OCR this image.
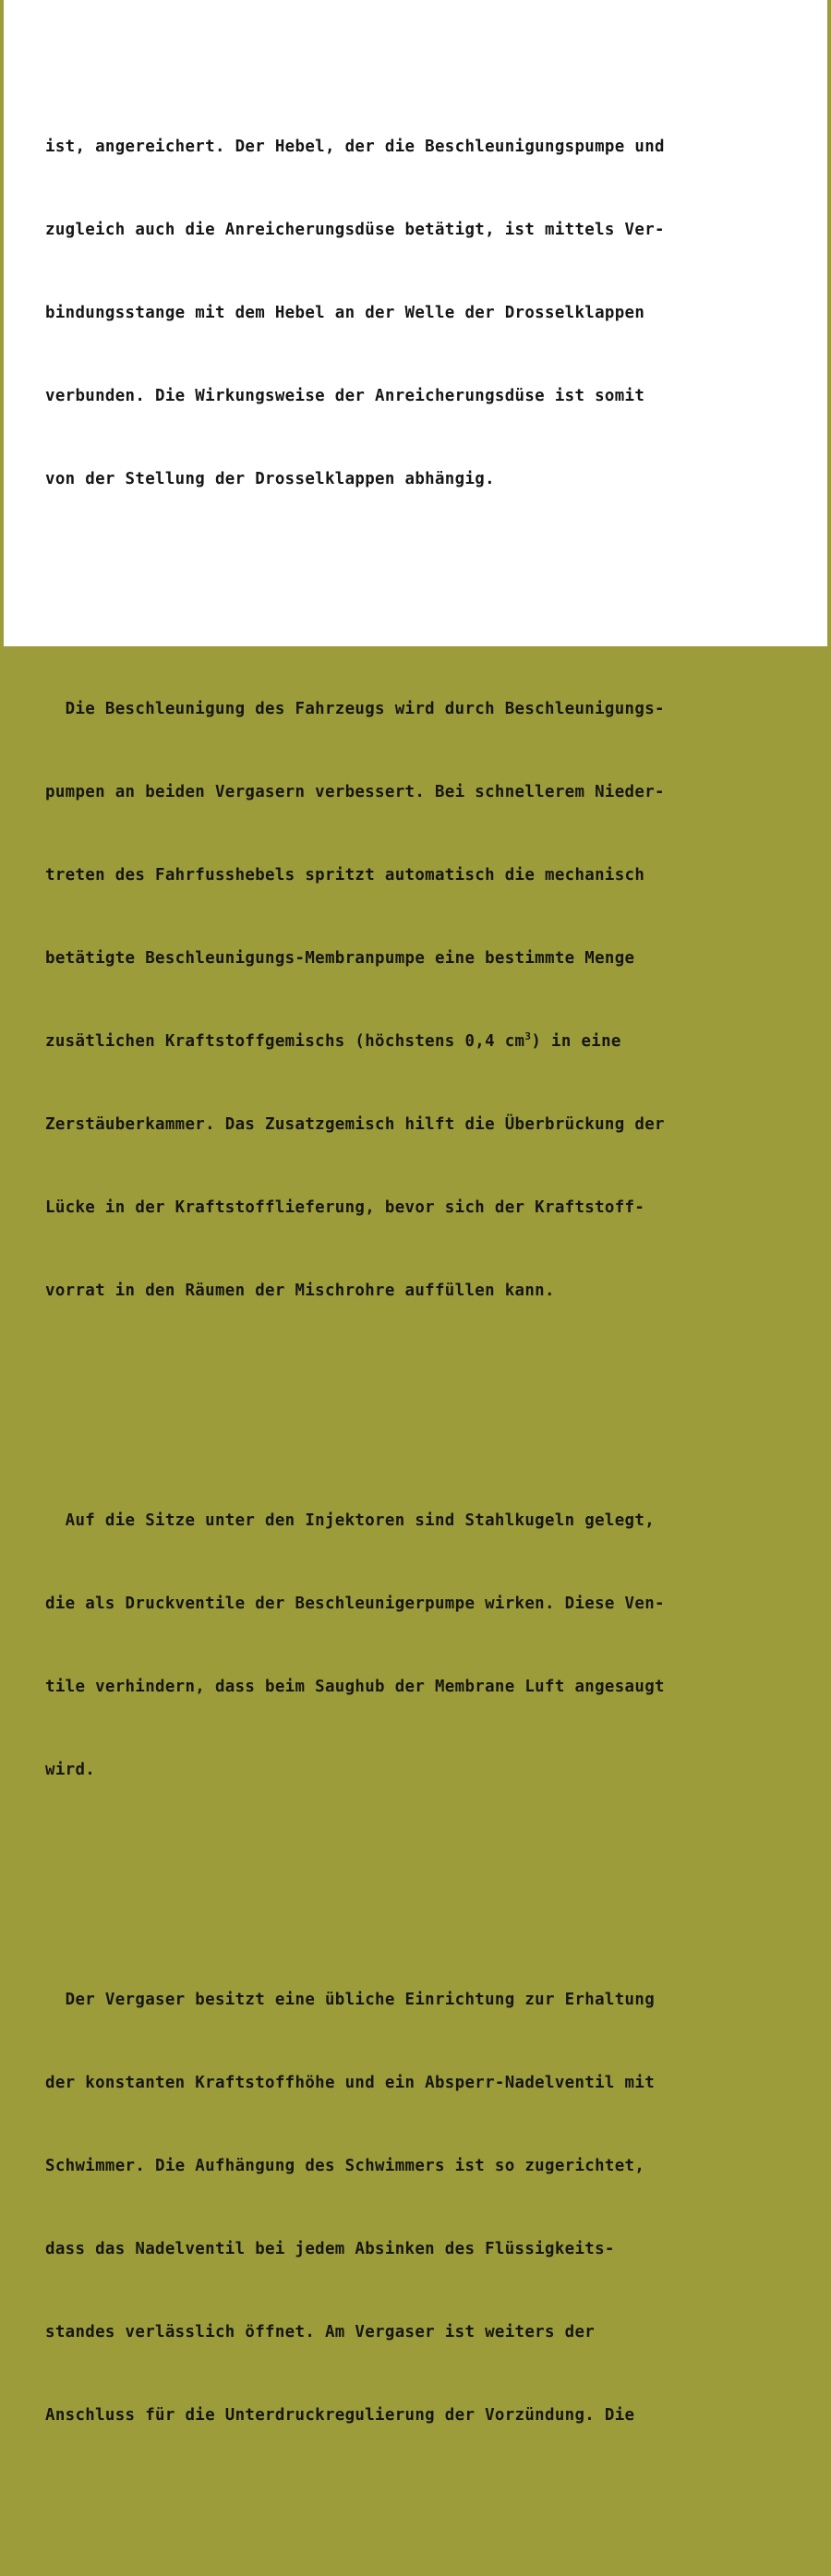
ist, angereichert. Der Hebel, der die Beschleunigungspumpe und

zugleich auch die Anreicherungsdüse betätigt, ist mittels Ver-

bindungsstange mit dem Hebel an der Welle der Drosselklappen

verbunden. Die Wirkungsweise der Anreicherungsdüse ist somit

von der Stellung der Drosselklappen abhängig.

Die Beschleunigung des Fahrzeugs wird durch Beschleunigungs-

pumpen an beiden Vergasern verbessert. Bei schnellerem Nieder-

treten des Fahrfusshebels spritzt automatisch die mechanisch

betätigte Beschleunigungs-Membranpumpe eine bestimmte Menge

zusätlichen Kraftstoffgemischs (höchstens 0,4 $cm^3$) in eine

Zerstäuberkammer. Das Zusatzgemisch hilft die Überbrückung der

Lücke in der Kraftstofflieferung, bevor sich der Kraftstoff-

vorrat in den Räumen der Mischrohre auffüllen kann.

Auf die Sitze unter den Injektoren sind Stahlkugeln gelegt,

die als Druckventile der Beschleunigerpumpe wirken. Diese Ven-

tile verhindern, dass beim Saughub der Membrane Luft angesaugt

wird.

Der Vergaser besitzt eine übliche Einrichtung zur Erhaltung

der konstanten Kraftstoffhöhe und ein Absperr-Nadelventil mit

Schwimmer. Die Aufhängung des Schwimmers ist so zugerichtet,

dass das Nadelventil bei jedem Absinken des Flüssigkeits-

standes verlässlich öffnet. Am Vergaser ist weiters der

Anschluss für die Unterdruckregulierung der Vorzündung. Die
